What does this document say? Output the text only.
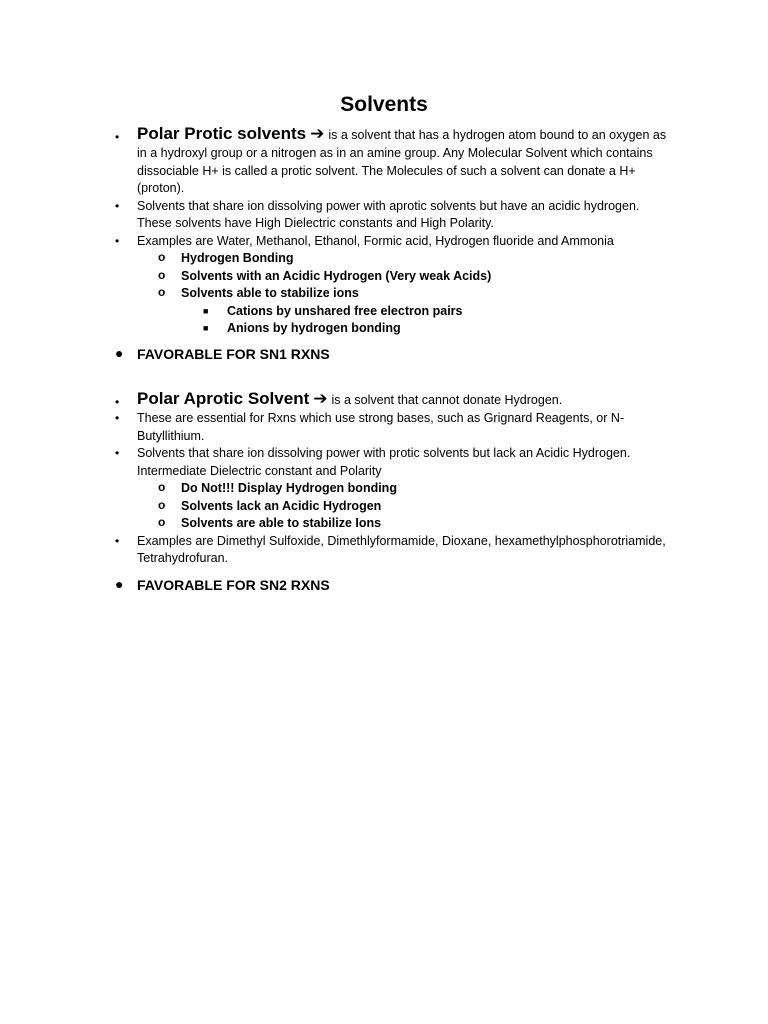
Solvents
• Polar Protic solvents ➔ is a solvent that has a hydrogen atom bound to an oxygen as
in a hydroxyl group or a nitrogen as in an amine group. Any Molecular Solvent which contains
dissociable H+ is called a protic solvent. The Molecules of such a solvent can donate a H+
(proton).
• Solvents that share ion dissolving power with aprotic solvents but have an acidic hydrogen.
These solvents have High Dielectric constants and High Polarity.
• Examples are Water, Methanol, Ethanol, Formic acid, Hydrogen fluoride and Ammonia
o Hydrogen Bonding
o Solvents with an Acidic Hydrogen (Very weak Acids)
o Solvents able to stabilize ions
■ Cations by unshared free electron pairs
■ Anions by hydrogen bonding
● FAVORABLE FOR SN1 RXNS
• Polar Aprotic Solvent ➔ is a solvent that cannot donate Hydrogen.
• These are essential for Rxns which use strong bases, such as Grignard Reagents, or N-
Butyllithium.
• Solvents that share ion dissolving power with protic solvents but lack an Acidic Hydrogen.
Intermediate Dielectric constant and Polarity
o Do Not!!! Display Hydrogen bonding
o Solvents lack an Acidic Hydrogen
o Solvents are able to stabilize Ions
• Examples are Dimethyl Sulfoxide, Dimethlyformamide, Dioxane, hexamethylphosphorotriamide,
Tetrahydrofuran.
● FAVORABLE FOR SN2 RXNS
